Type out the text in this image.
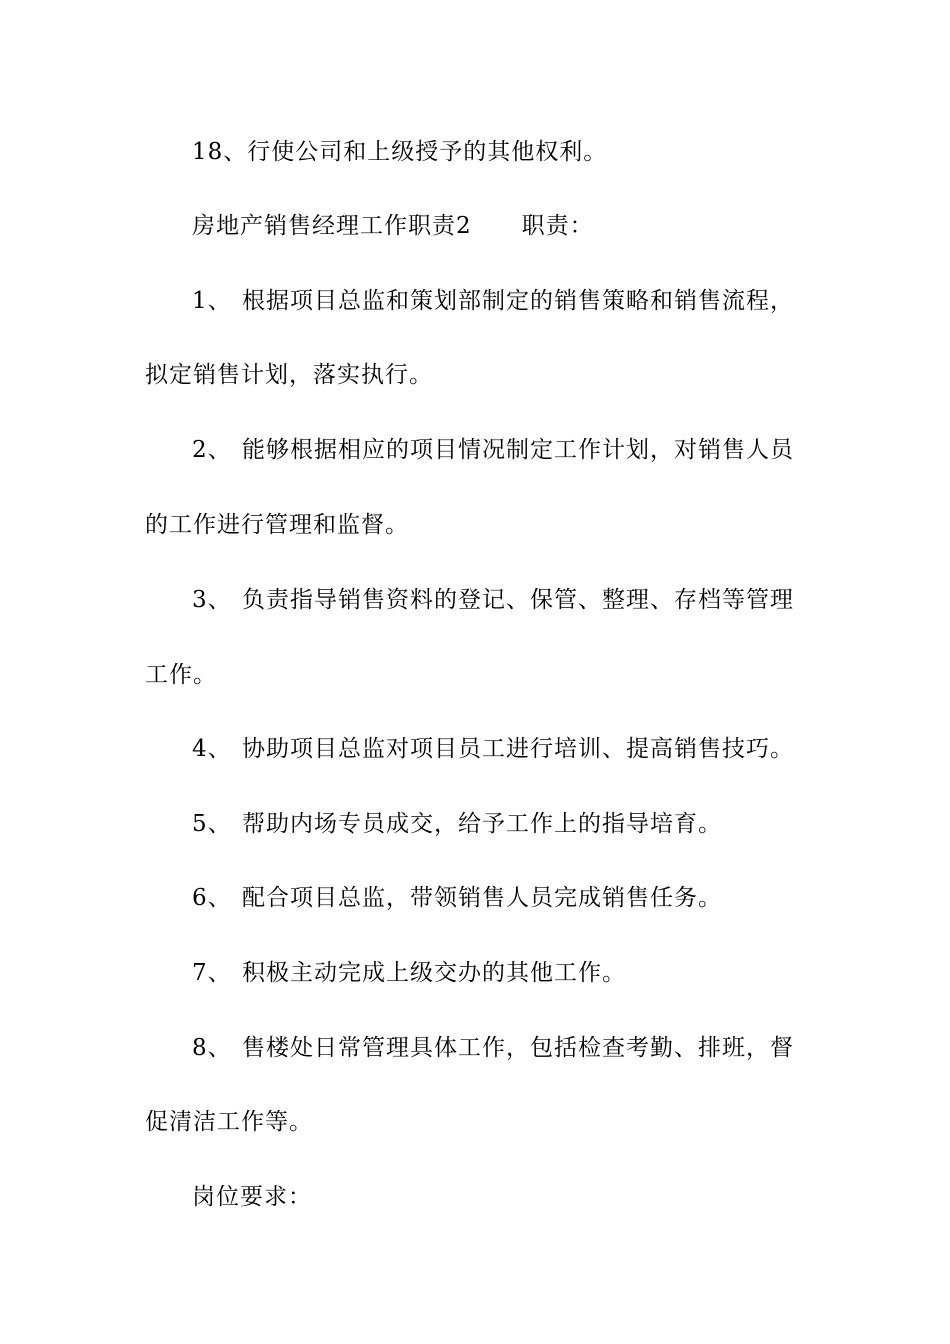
18、行使公司和上级授予的其他权利。
房地产销售经理工作职责2 职责：
1、 根据项目总监和策划部制定的销售策略和销售流程，
拟定销售计划，落实执行。
2、 能够根据相应的项目情况制定工作计划，对销售人员
的工作进行管理和监督。
3、 负责指导销售资料的登记、保管、整理、存档等管理
工作。
4、 协助项目总监对项目员工进行培训、提高销售技巧。
5、 帮助内场专员成交，给予工作上的指导培育。
6、 配合项目总监，带领销售人员完成销售任务。
7、 积极主动完成上级交办的其他工作。
8、 售楼处日常管理具体工作，包括检查考勤、排班，督
促清洁工作等。
岗位要求：
